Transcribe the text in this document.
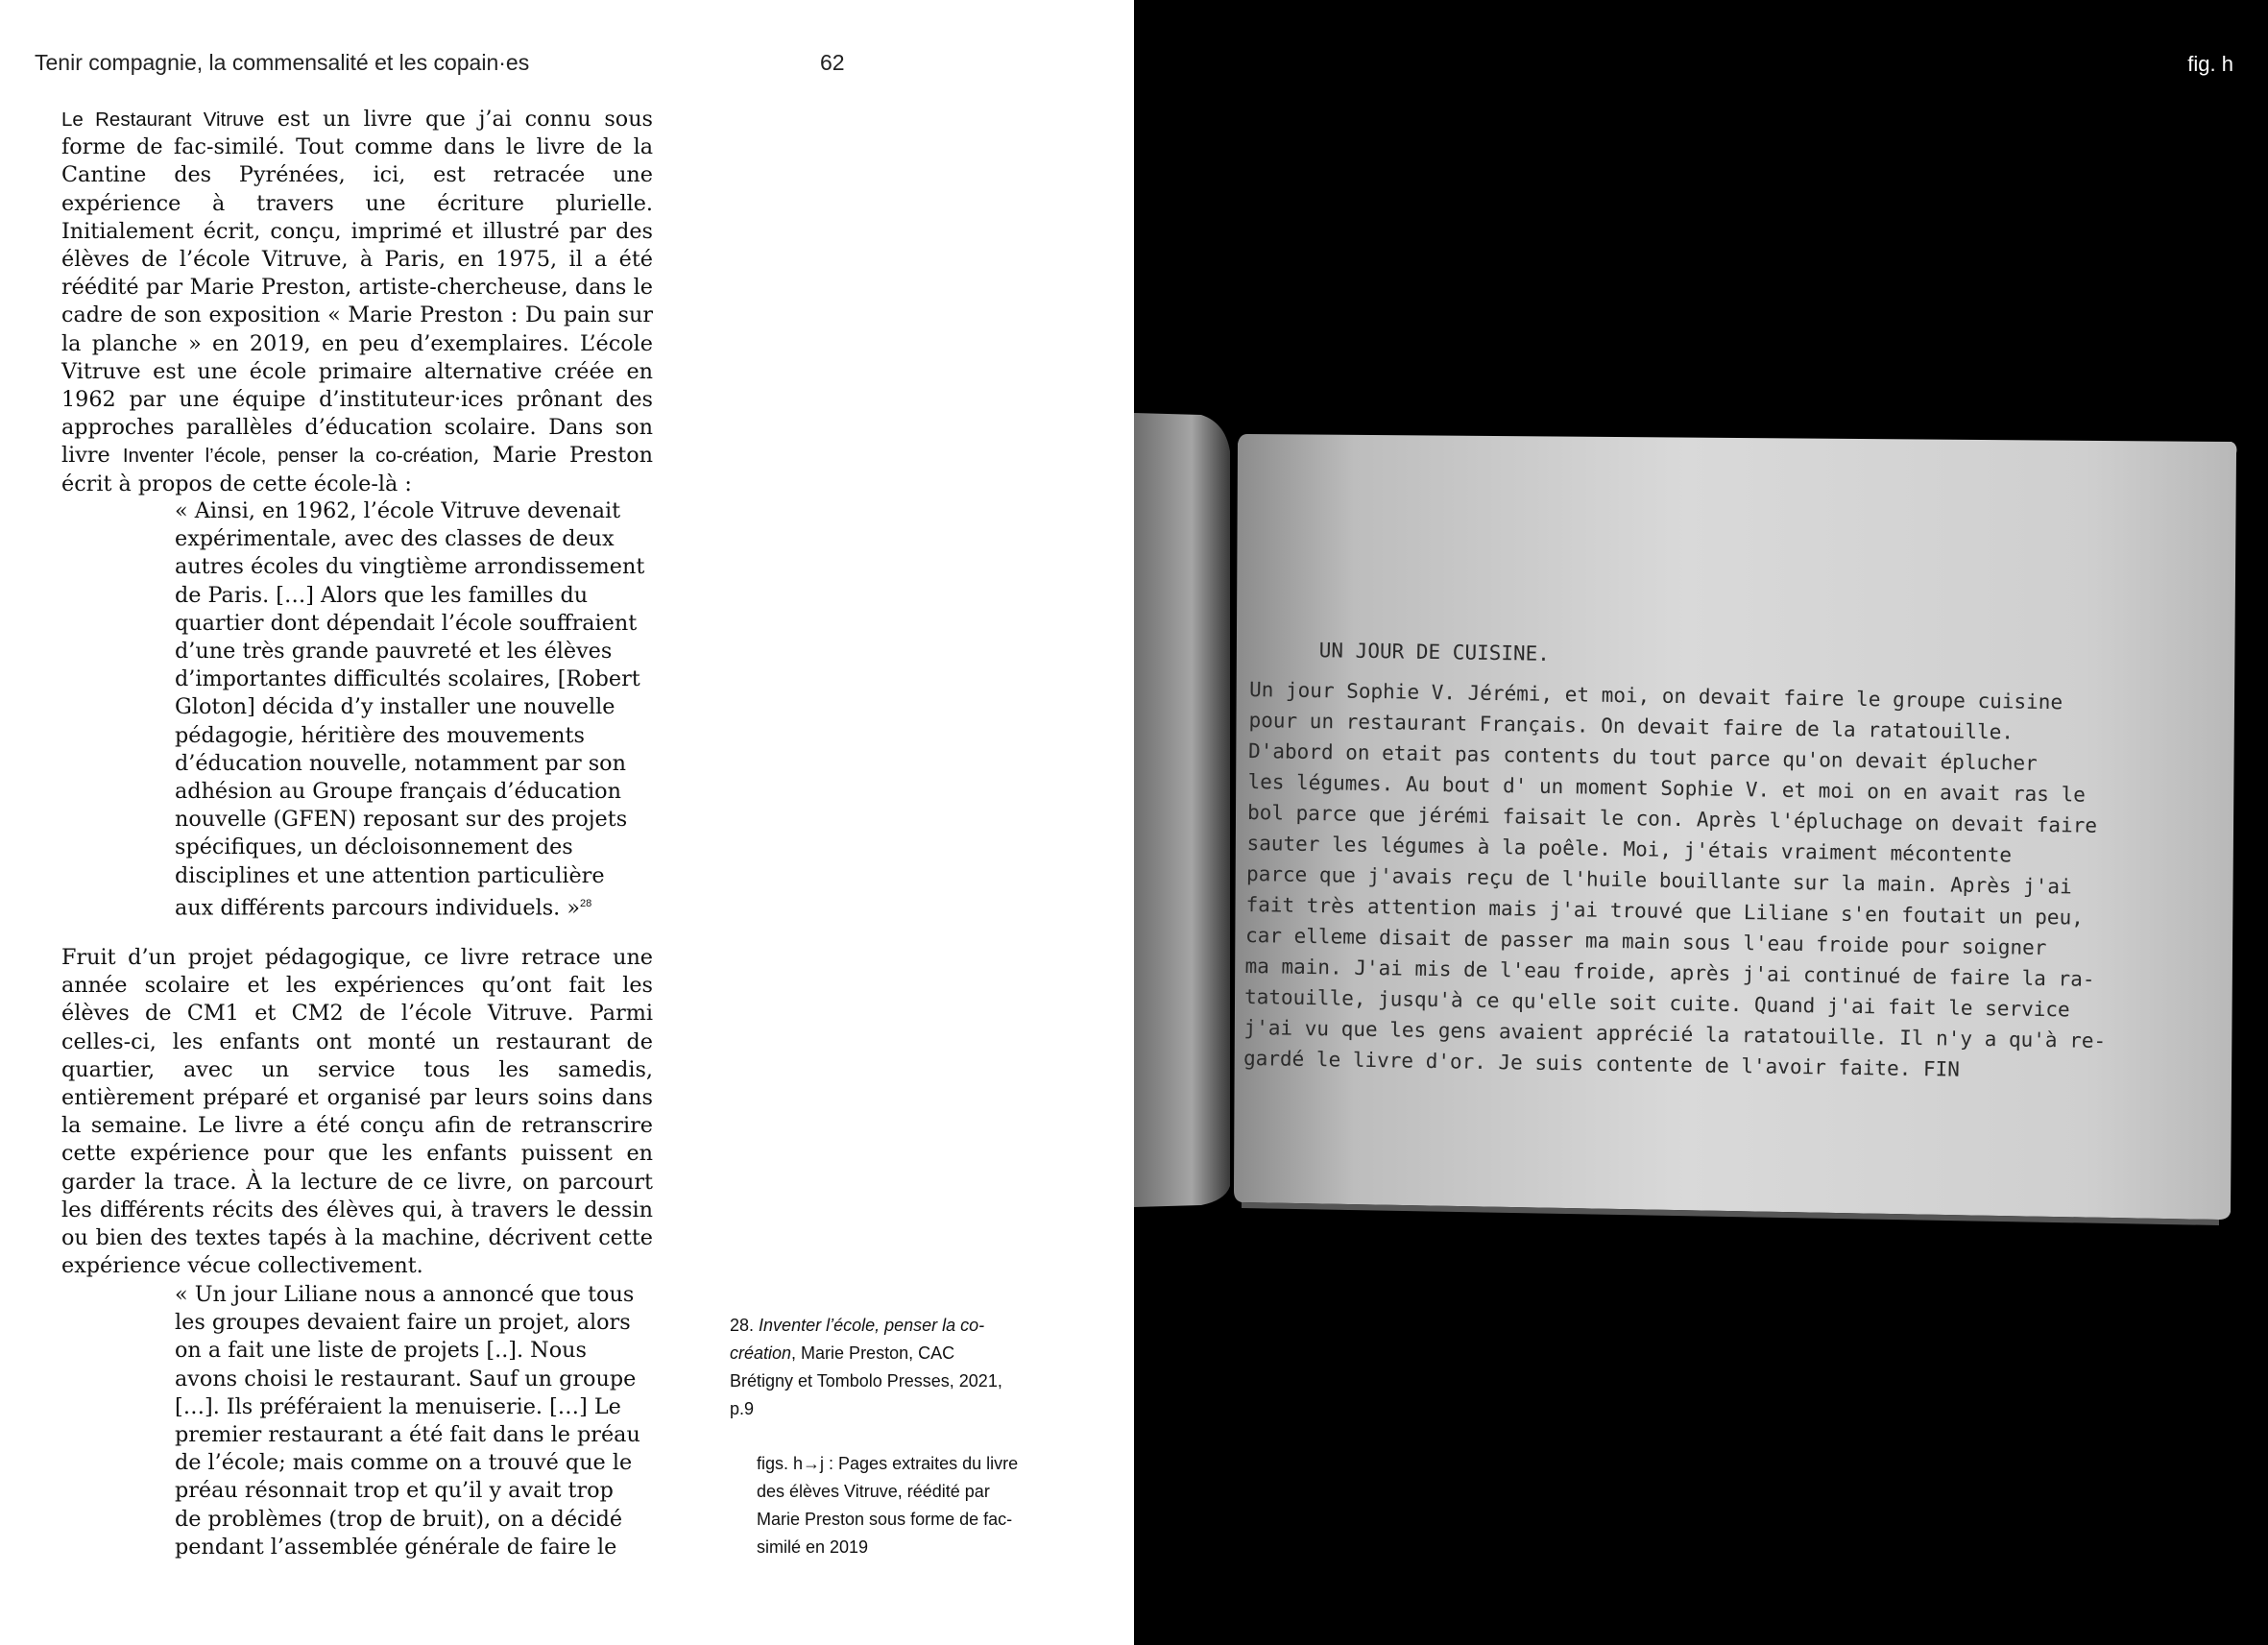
Tenir compagnie, la commensalité et les copain·es	62

Le Restaurant Vitruve est un livre que j’ai connu sous forme de fac-similé. Tout comme dans le livre de la Cantine des Pyrénées, ici, est retracée une expérience à travers une écriture plurielle. Initialement écrit, conçu, imprimé et illustré par des élèves de l’école Vitruve, à Paris, en 1975, il a été réédité par Marie Preston, artiste-chercheuse, dans le cadre de son exposition « Marie Preston : Du pain sur la planche » en 2019, en peu d’exemplaires. L’école Vitruve est une école primaire alternative créée en 1962 par une équipe d’instituteur·ices prônant des approches parallèles d’éducation scolaire. Dans son livre Inventer l’école, penser la co-création, Marie Preston écrit à propos de cette école-là :

« Ainsi, en 1962, l’école Vitruve devenait expérimentale, avec des classes de deux autres écoles du vingtième arrondissement de Paris. […] Alors que les familles du quartier dont dépendait l’école souffraient d’une très grande pauvreté et les élèves d’importantes difficultés scolaires, [Robert Gloton] décida d’y installer une nouvelle pédagogie, héritière des mouvements d’éducation nouvelle, notamment par son adhésion au Groupe français d’éducation nouvelle (GFEN) reposant sur des projets spécifiques, un décloisonnement des disciplines et une attention particulière aux différents parcours individuels. »$^{28}$

Fruit d’un projet pédagogique, ce livre retrace une année scolaire et les expériences qu’ont fait les élèves de CM1 et CM2 de l’école Vitruve. Parmi celles-ci, les enfants ont monté un restaurant de quartier, avec un service tous les samedis, entièrement préparé et organisé par leurs soins dans la semaine. Le livre a été conçu afin de retranscrire cette expérience pour que les enfants puissent en garder la trace. À la lecture de ce livre, on parcourt les différents récits des élèves qui, à travers le dessin ou bien des textes tapés à la machine, décrivent cette expérience vécue collectivement.

« Un jour Liliane nous a annoncé que tous les groupes devaient faire un projet, alors on a fait une liste de projets [..]. Nous avons choisi le restaurant. Sauf un groupe […]. Ils préféraient la menuiserie. […] Le premier restaurant a été fait dans le préau de l’école; mais comme on a trouvé que le préau résonnait trop et qu’il y avait trop de problèmes (trop de bruit), on a décidé pendant l’assemblée générale de faire le

28. Inventer l’école, penser la co-création, Marie Preston, CAC Brétigny et Tombolo Presses, 2021, p.9
figs. h→j : Pages extraites du livre des élèves Vitruve, réédité par Marie Preston sous forme de fac-similé en 2019
fig. h
UN JOUR DE CUISINE.
Un jour Sophie V. Jérémi, et moi, on devait faire le groupe cuisine
pour un restaurant Français. On devait faire de la ratatouille.
D'abord on etait pas contents du tout parce qu'on devait éplucher
les légumes. Au bout d' un moment Sophie V. et moi on en avait ras le
bol parce que jérémi faisait le con. Après l'épluchage on devait faire
sauter les légumes à la poêle. Moi, j'étais vraiment mécontente
parce que j'avais reçu de l'huile bouillante sur la main. Après j'ai
fait très attention mais j'ai trouvé que Liliane s'en foutait un peu,
car elleme disait de passer ma main sous l'eau froide pour soigner
ma main. J'ai mis de l'eau froide, après j'ai continué de faire la ra-
tatouille, jusqu'à ce qu'elle soit cuite. Quand j'ai fait le service
j'ai vu que les gens avaient apprécié la ratatouille. Il n'y a qu'à re-
gardé le livre d'or. Je suis contente de l'avoir faite. FIN
